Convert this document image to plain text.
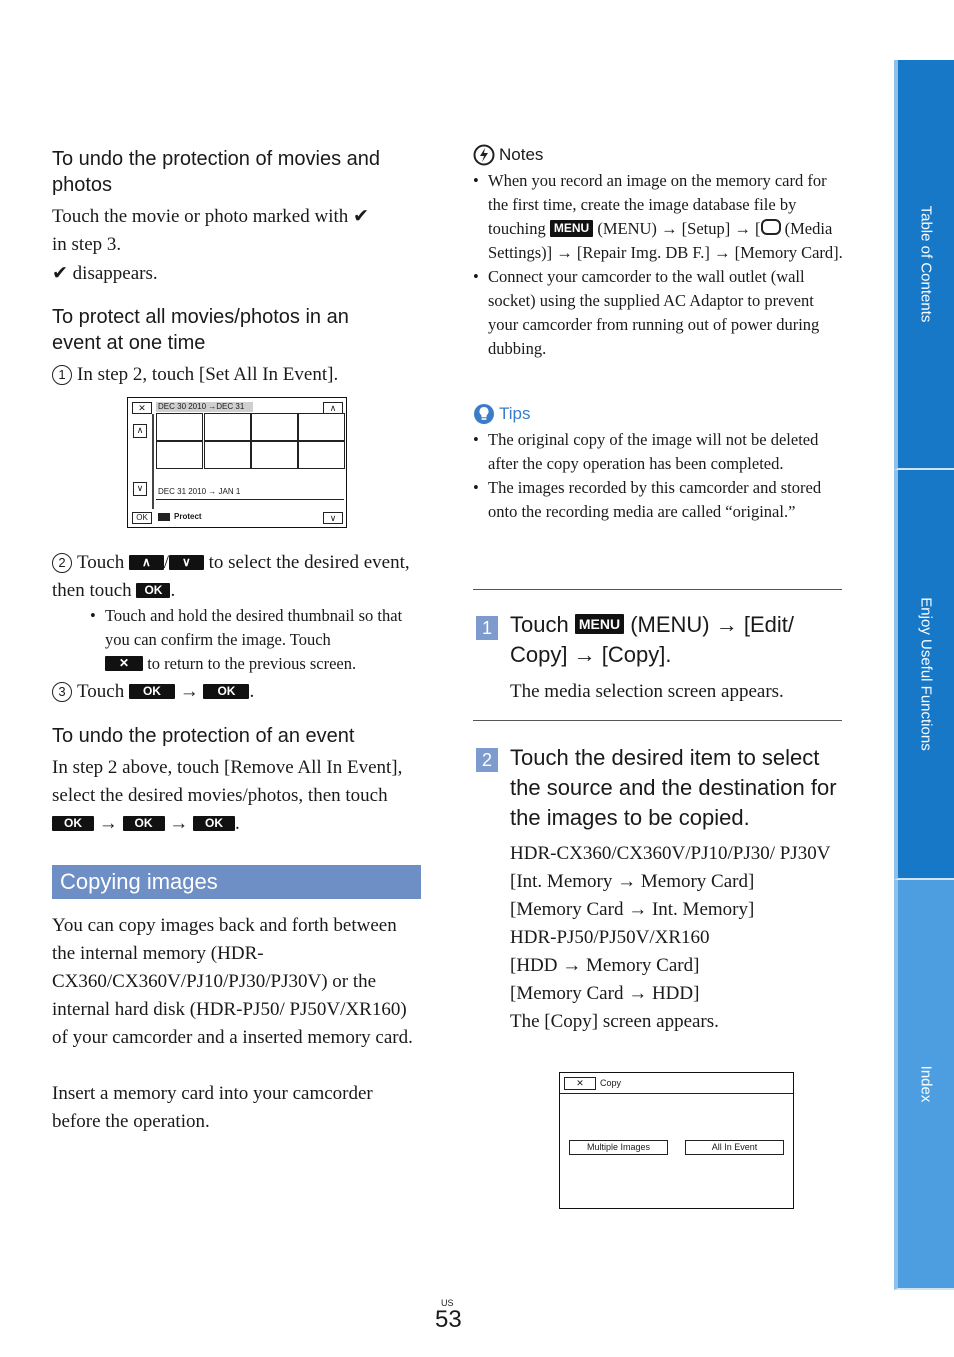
To undo the protection of movies and photos
Touch the movie or photo marked with ✔
in step 3.
✔ disappears.
To protect all movies/photos in an event at one time
1 In step 2, touch [Set All In Event].
✕	DEC 30 2010 →DEC 31	∧
∧
∨	DEC 31 2010 → JAN 1
OK	Protect	∨
2 Touch ∧ / ∨ to select the desired event, then touch OK .
• Touch and hold the desired thumbnail so that you can confirm the image. Touch
✕ to return to the previous screen.
3 Touch OK → OK .
To undo the protection of an event
In step 2 above, touch [Remove All In Event], select the desired movies/photos, then touch OK → OK → OK .
Copying images
You can copy images back and forth between the internal memory (HDR-CX360/CX360V/PJ10/PJ30/PJ30V) or the internal hard disk (HDR-PJ50/ PJ50V/XR160) of your camcorder and a inserted memory card.
Insert a memory card into your camcorder before the operation.
Notes
• When you record an image on the memory card for the first time, create the image database file by touching MENU (MENU) → [Setup] → [ (Media Settings)] → [Repair Img. DB F.] → [Memory Card].
• Connect your camcorder to the wall outlet (wall socket) using the supplied AC Adaptor to prevent your camcorder from running out of power during dubbing.
Tips
• The original copy of the image will not be deleted after the copy operation has been completed.
• The images recorded by this camcorder and stored onto the recording media are called “original.”
1 Touch MENU (MENU) → [Edit/ Copy] → [Copy].
The media selection screen appears.
2 Touch the desired item to select the source and the destination for the images to be copied.
HDR-CX360/CX360V/PJ10/PJ30/ PJ30V
[Int. Memory → Memory Card]
[Memory Card → Int. Memory]
HDR-PJ50/PJ50V/XR160
[HDD → Memory Card]
[Memory Card → HDD]
The [Copy] screen appears.
✕	Copy
Multiple Images	All In Event
Table of Contents
Enjoy Useful Functions
Index
US
53
